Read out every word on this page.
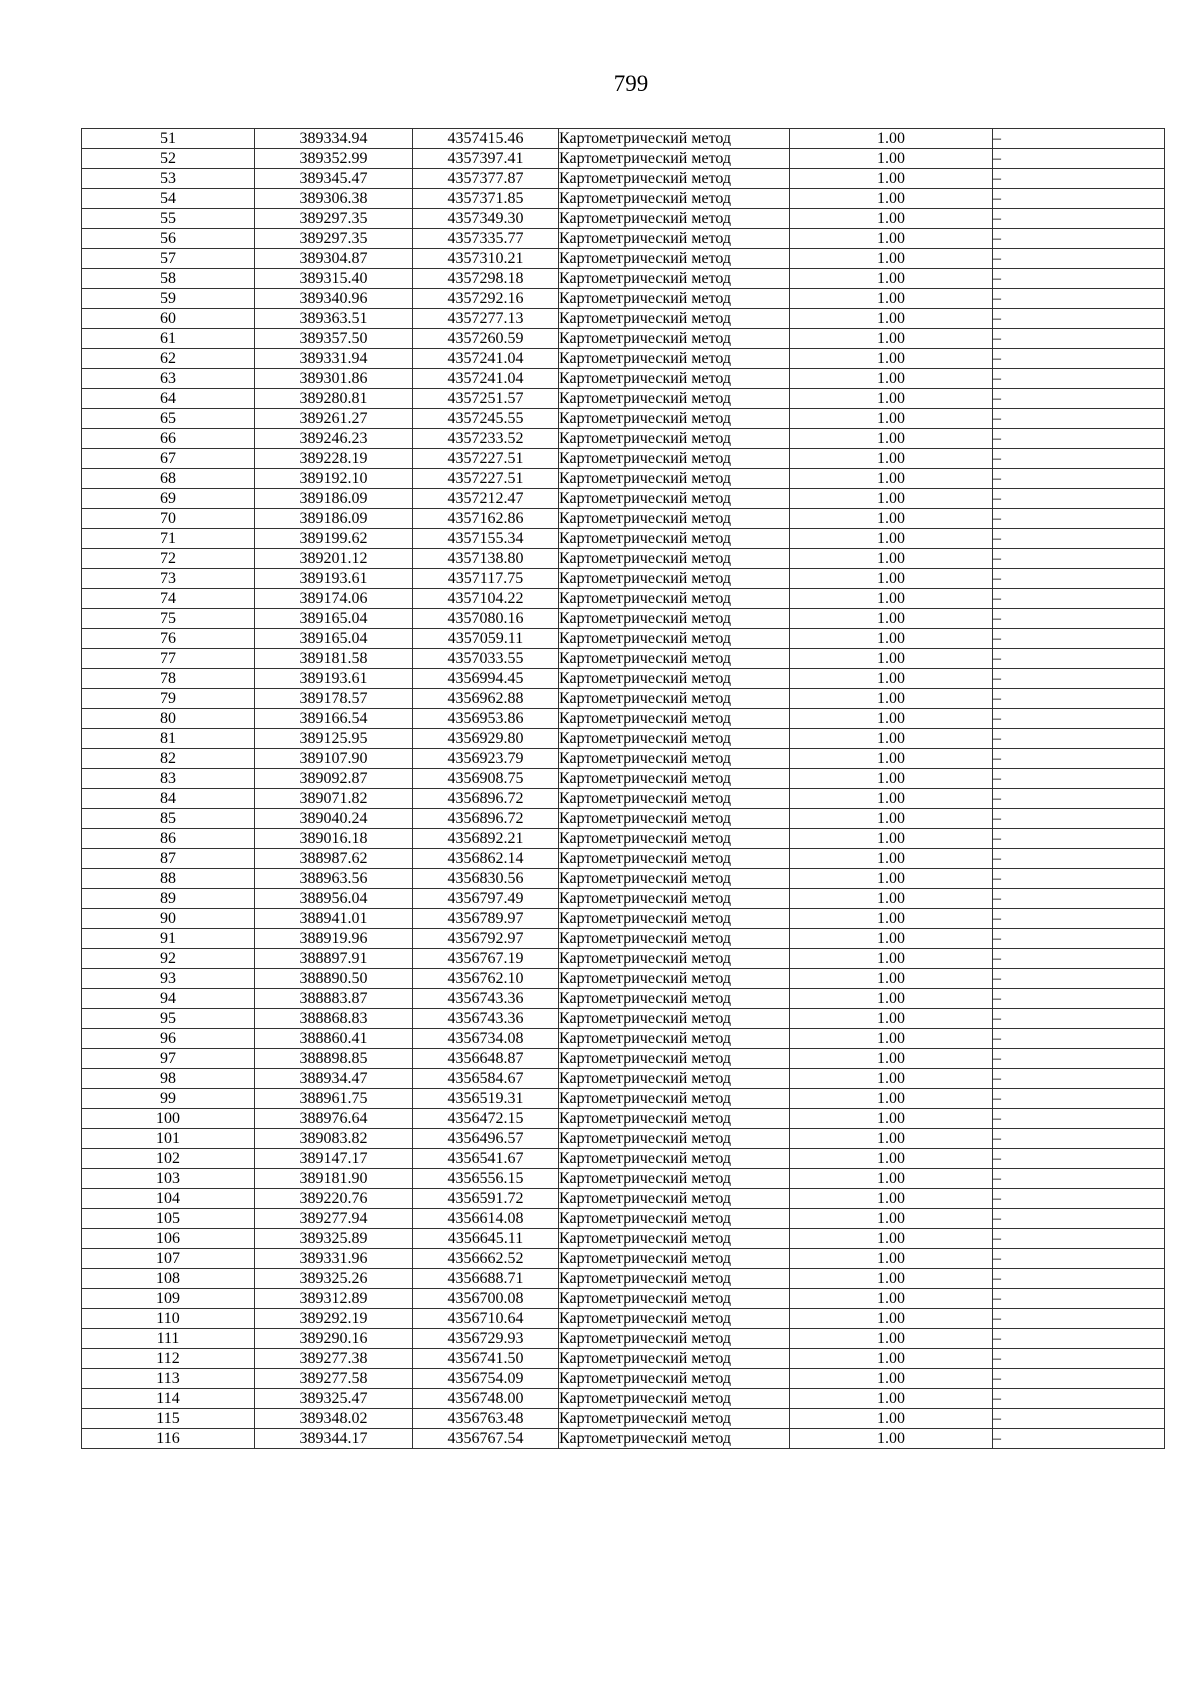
799
51	389334.94	4357415.46	Картометрический метод	1.00	–
52	389352.99	4357397.41	Картометрический метод	1.00	–
53	389345.47	4357377.87	Картометрический метод	1.00	–
54	389306.38	4357371.85	Картометрический метод	1.00	–
55	389297.35	4357349.30	Картометрический метод	1.00	–
56	389297.35	4357335.77	Картометрический метод	1.00	–
57	389304.87	4357310.21	Картометрический метод	1.00	–
58	389315.40	4357298.18	Картометрический метод	1.00	–
59	389340.96	4357292.16	Картометрический метод	1.00	–
60	389363.51	4357277.13	Картометрический метод	1.00	–
61	389357.50	4357260.59	Картометрический метод	1.00	–
62	389331.94	4357241.04	Картометрический метод	1.00	–
63	389301.86	4357241.04	Картометрический метод	1.00	–
64	389280.81	4357251.57	Картометрический метод	1.00	–
65	389261.27	4357245.55	Картометрический метод	1.00	–
66	389246.23	4357233.52	Картометрический метод	1.00	–
67	389228.19	4357227.51	Картометрический метод	1.00	–
68	389192.10	4357227.51	Картометрический метод	1.00	–
69	389186.09	4357212.47	Картометрический метод	1.00	–
70	389186.09	4357162.86	Картометрический метод	1.00	–
71	389199.62	4357155.34	Картометрический метод	1.00	–
72	389201.12	4357138.80	Картометрический метод	1.00	–
73	389193.61	4357117.75	Картометрический метод	1.00	–
74	389174.06	4357104.22	Картометрический метод	1.00	–
75	389165.04	4357080.16	Картометрический метод	1.00	–
76	389165.04	4357059.11	Картометрический метод	1.00	–
77	389181.58	4357033.55	Картометрический метод	1.00	–
78	389193.61	4356994.45	Картометрический метод	1.00	–
79	389178.57	4356962.88	Картометрический метод	1.00	–
80	389166.54	4356953.86	Картометрический метод	1.00	–
81	389125.95	4356929.80	Картометрический метод	1.00	–
82	389107.90	4356923.79	Картометрический метод	1.00	–
83	389092.87	4356908.75	Картометрический метод	1.00	–
84	389071.82	4356896.72	Картометрический метод	1.00	–
85	389040.24	4356896.72	Картометрический метод	1.00	–
86	389016.18	4356892.21	Картометрический метод	1.00	–
87	388987.62	4356862.14	Картометрический метод	1.00	–
88	388963.56	4356830.56	Картометрический метод	1.00	–
89	388956.04	4356797.49	Картометрический метод	1.00	–
90	388941.01	4356789.97	Картометрический метод	1.00	–
91	388919.96	4356792.97	Картометрический метод	1.00	–
92	388897.91	4356767.19	Картометрический метод	1.00	–
93	388890.50	4356762.10	Картометрический метод	1.00	–
94	388883.87	4356743.36	Картометрический метод	1.00	–
95	388868.83	4356743.36	Картометрический метод	1.00	–
96	388860.41	4356734.08	Картометрический метод	1.00	–
97	388898.85	4356648.87	Картометрический метод	1.00	–
98	388934.47	4356584.67	Картометрический метод	1.00	–
99	388961.75	4356519.31	Картометрический метод	1.00	–
100	388976.64	4356472.15	Картометрический метод	1.00	–
101	389083.82	4356496.57	Картометрический метод	1.00	–
102	389147.17	4356541.67	Картометрический метод	1.00	–
103	389181.90	4356556.15	Картометрический метод	1.00	–
104	389220.76	4356591.72	Картометрический метод	1.00	–
105	389277.94	4356614.08	Картометрический метод	1.00	–
106	389325.89	4356645.11	Картометрический метод	1.00	–
107	389331.96	4356662.52	Картометрический метод	1.00	–
108	389325.26	4356688.71	Картометрический метод	1.00	–
109	389312.89	4356700.08	Картометрический метод	1.00	–
110	389292.19	4356710.64	Картометрический метод	1.00	–
111	389290.16	4356729.93	Картометрический метод	1.00	–
112	389277.38	4356741.50	Картометрический метод	1.00	–
113	389277.58	4356754.09	Картометрический метод	1.00	–
114	389325.47	4356748.00	Картометрический метод	1.00	–
115	389348.02	4356763.48	Картометрический метод	1.00	–
116	389344.17	4356767.54	Картометрический метод	1.00	–
